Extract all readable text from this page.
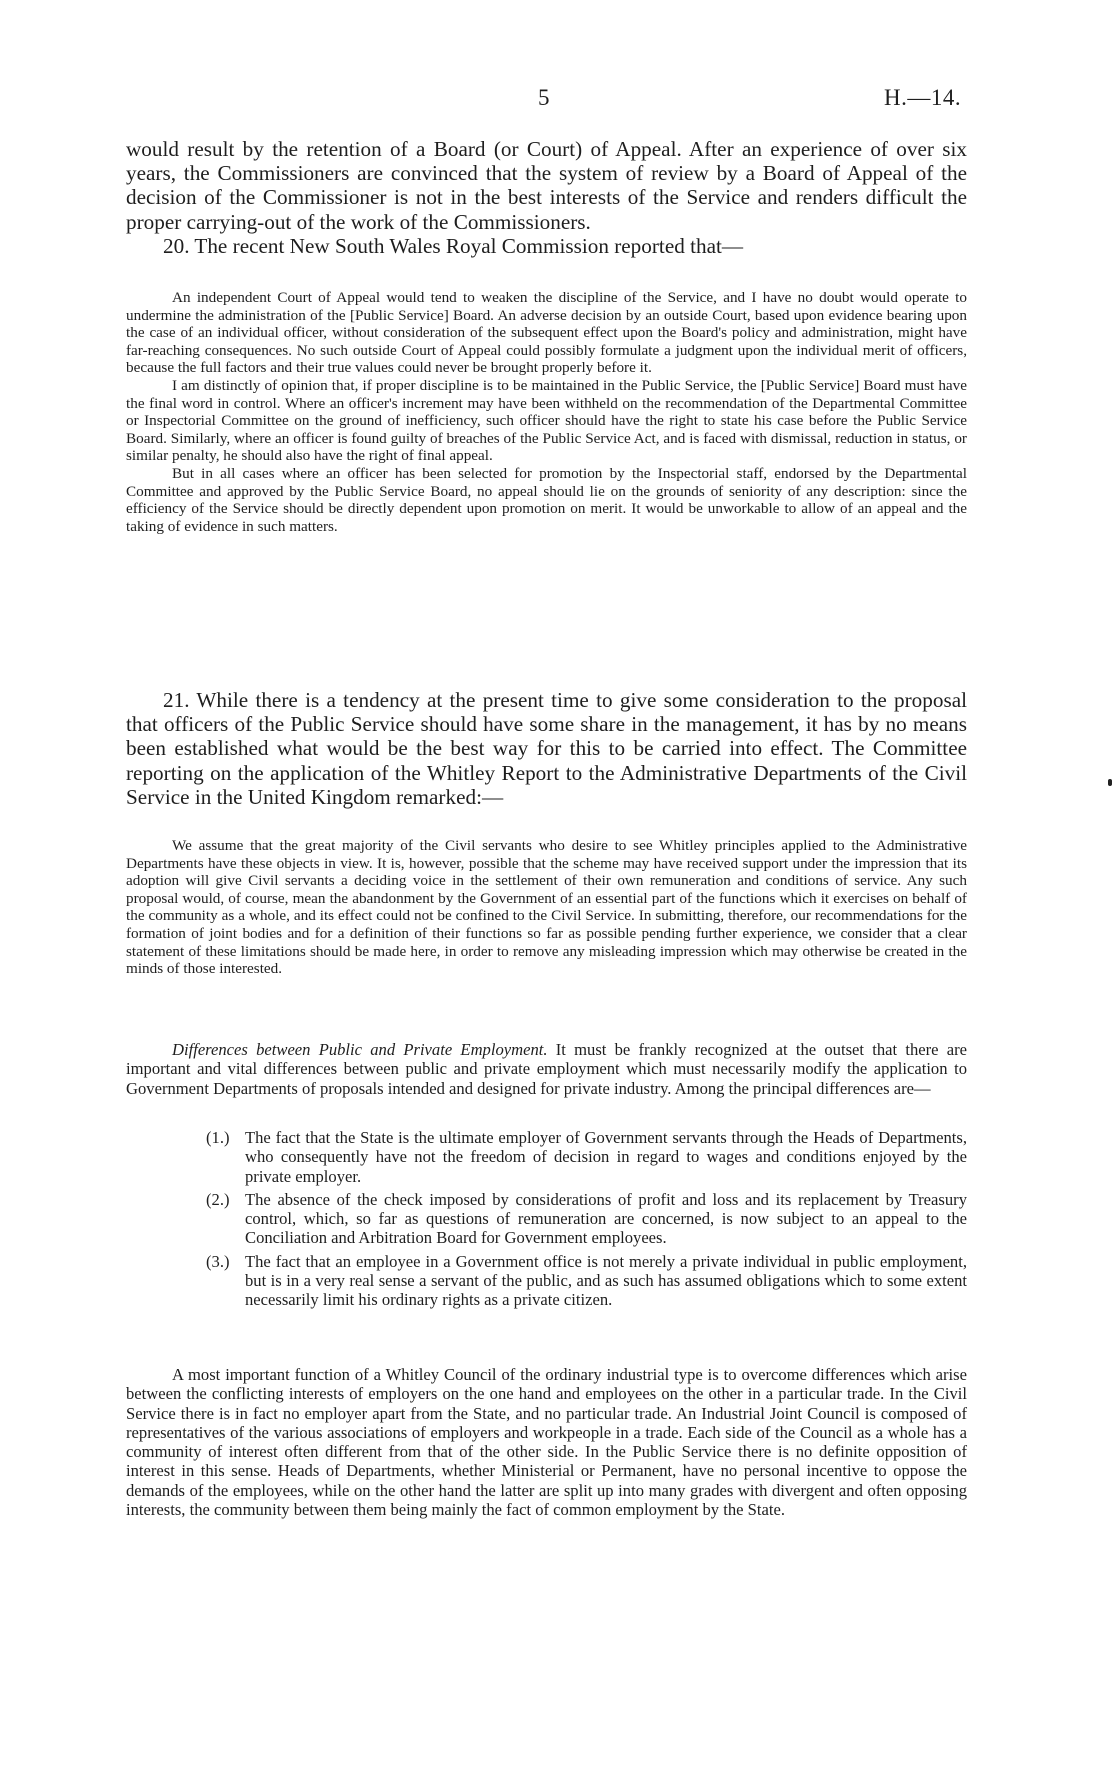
5	H.—14.

would result by the retention of a Board (or Court) of Appeal. After an experience of over six years, the Commissioners are convinced that the system of review by a Board of Appeal of the decision of the Commissioner is not in the best interests of the Service and renders difficult the proper carrying-out of the work of the Commissioners.

20. The recent New South Wales Royal Commission reported that—

An independent Court of Appeal would tend to weaken the discipline of the Service, and I have no doubt would operate to undermine the administration of the [Public Service] Board. An adverse decision by an outside Court, based upon evidence bearing upon the case of an individual officer, without consideration of the subsequent effect upon the Board's policy and administration, might have far-reaching consequences. No such outside Court of Appeal could possibly formulate a judgment upon the individual merit of officers, because the full factors and their true values could never be brought properly before it.

I am distinctly of opinion that, if proper discipline is to be maintained in the Public Service, the [Public Service] Board must have the final word in control. Where an officer's increment may have been withheld on the recommendation of the Departmental Committee or Inspectorial Committee on the ground of inefficiency, such officer should have the right to state his case before the Public Service Board. Similarly, where an officer is found guilty of breaches of the Public Service Act, and is faced with dismissal, reduction in status, or similar penalty, he should also have the right of final appeal.

But in all cases where an officer has been selected for promotion by the Inspectorial staff, endorsed by the Departmental Committee and approved by the Public Service Board, no appeal should lie on the grounds of seniority of any description: since the efficiency of the Service should be directly dependent upon promotion on merit. It would be unworkable to allow of an appeal and the taking of evidence in such matters.

21. While there is a tendency at the present time to give some consideration to the proposal that officers of the Public Service should have some share in the management, it has by no means been established what would be the best way for this to be carried into effect. The Committee reporting on the application of the Whitley Report to the Administrative Departments of the Civil Service in the United Kingdom remarked:—

We assume that the great majority of the Civil servants who desire to see Whitley principles applied to the Administrative Departments have these objects in view. It is, however, possible that the scheme may have received support under the impression that its adoption will give Civil servants a deciding voice in the settlement of their own remuneration and conditions of service. Any such proposal would, of course, mean the abandonment by the Government of an essential part of the functions which it exercises on behalf of the community as a whole, and its effect could not be confined to the Civil Service. In submitting, therefore, our recommendations for the formation of joint bodies and for a definition of their functions so far as possible pending further experience, we consider that a clear statement of these limitations should be made here, in order to remove any misleading impression which may otherwise be created in the minds of those interested.

Differences between Public and Private Employment. It must be frankly recognized at the outset that there are important and vital differences between public and private employment which must necessarily modify the application to Government Departments of proposals intended and designed for private industry. Among the principal differences are—

(1.) The fact that the State is the ultimate employer of Government servants through the Heads of Departments, who consequently have not the freedom of decision in regard to wages and conditions enjoyed by the private employer.
(2.) The absence of the check imposed by considerations of profit and loss and its replacement by Treasury control, which, so far as questions of remuneration are concerned, is now subject to an appeal to the Conciliation and Arbitration Board for Government employees.
(3.) The fact that an employee in a Government office is not merely a private individual in public employment, but is in a very real sense a servant of the public, and as such has assumed obligations which to some extent necessarily limit his ordinary rights as a private citizen.

A most important function of a Whitley Council of the ordinary industrial type is to overcome differences which arise between the conflicting interests of employers on the one hand and employees on the other in a particular trade. In the Civil Service there is in fact no employer apart from the State, and no particular trade. An Industrial Joint Council is composed of representatives of the various associations of employers and workpeople in a trade. Each side of the Council as a whole has a community of interest often different from that of the other side. In the Public Service there is no definite opposition of interest in this sense. Heads of Departments, whether Ministerial or Permanent, have no personal incentive to oppose the demands of the employees, while on the other hand the latter are split up into many grades with divergent and often opposing interests, the community between them being mainly the fact of common employment by the State.
